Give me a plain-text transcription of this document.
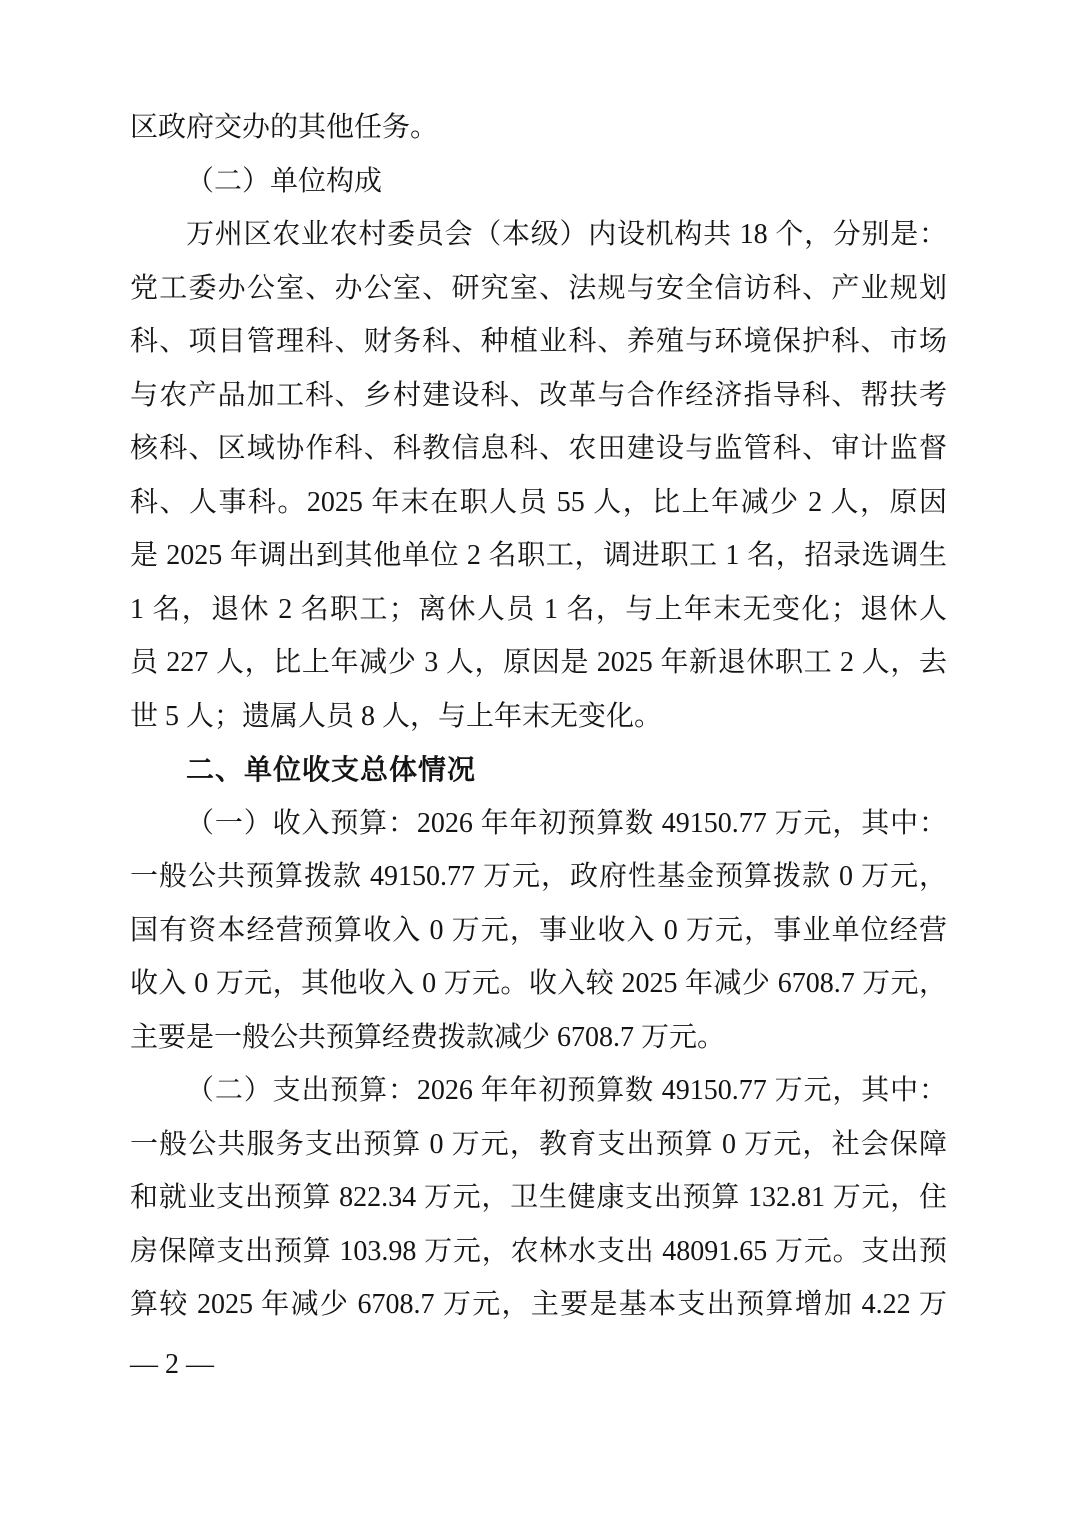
区政府交办的其他任务。
（二）单位构成
万州区农业农村委员会（本级）内设机构共 18 个，分别是：
党工委办公室、办公室、研究室、法规与安全信访科、产业规划
科、项目管理科、财务科、种植业科、养殖与环境保护科、市场
与农产品加工科、乡村建设科、改革与合作经济指导科、帮扶考
核科、区域协作科、科教信息科、农田建设与监管科、审计监督
科、人事科。2025 年末在职人员 55 人，比上年减少 2 人，原因
是 2025 年调出到其他单位 2 名职工，调进职工 1 名，招录选调生
1 名，退休 2 名职工；离休人员 1 名，与上年末无变化；退休人
员 227 人，比上年减少 3 人，原因是 2025 年新退休职工 2 人，去
世 5 人；遗属人员 8 人，与上年末无变化。
二、单位收支总体情况
（一）收入预算：2026 年年初预算数 49150.77 万元，其中：
一般公共预算拨款 49150.77 万元，政府性基金预算拨款 0 万元，
国有资本经营预算收入 0 万元，事业收入 0 万元，事业单位经营
收入 0 万元，其他收入 0 万元。收入较 2025 年减少 6708.7 万元，
主要是一般公共预算经费拨款减少 6708.7 万元。
（二）支出预算：2026 年年初预算数 49150.77 万元，其中：
一般公共服务支出预算 0 万元，教育支出预算 0 万元，社会保障
和就业支出预算 822.34 万元，卫生健康支出预算 132.81 万元，住
房保障支出预算 103.98 万元，农林水支出 48091.65 万元。支出预
算较 2025 年减少 6708.7 万元，主要是基本支出预算增加 4.22 万
— 2 —
